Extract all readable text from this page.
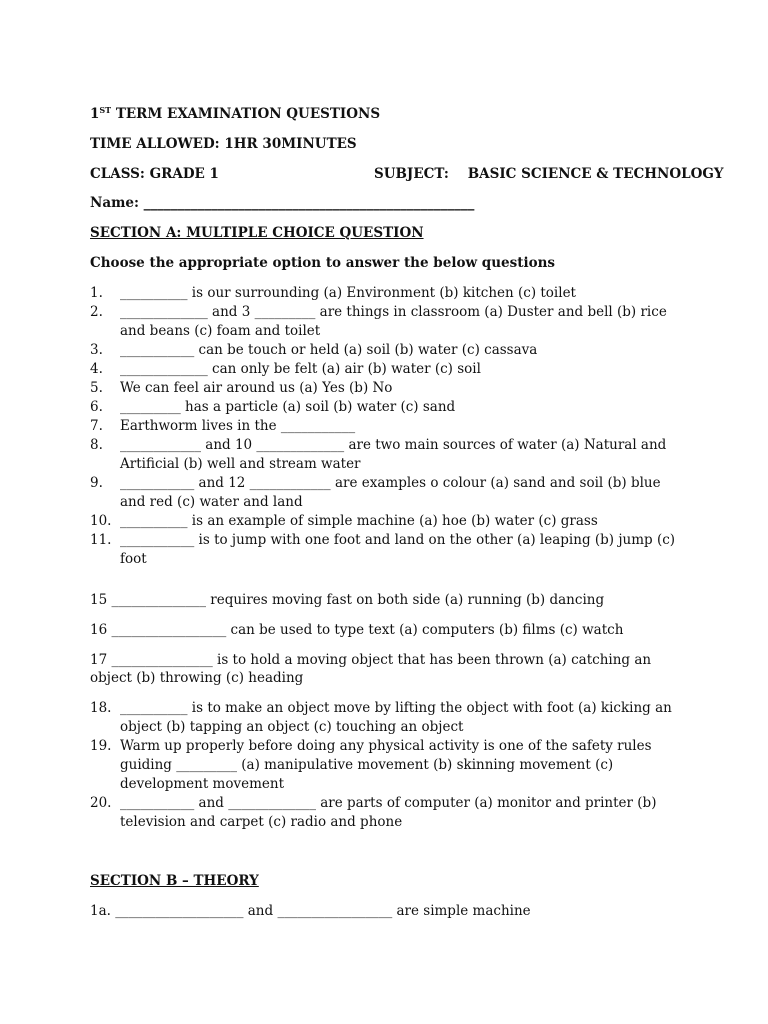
1ST TERM EXAMINATION QUESTIONS
TIME ALLOWED: 1HR 30MINUTES
CLASS: GRADE 1	SUBJECT:    BASIC SCIENCE & TECHNOLOGY
Name: _________________________________________________
SECTION A: MULTIPLE CHOICE QUESTION
Choose the appropriate option to answer the below questions
1. __________ is our surrounding (a) Environment (b) kitchen (c) toilet
2. _____________ and 3 _________ are things in classroom (a) Duster and bell (b) rice and beans (c) foam and toilet
3. ___________ can be touch or held (a) soil (b) water (c) cassava
4. _____________ can only be felt (a) air (b) water (c) soil
5. We can feel air around us (a) Yes (b) No
6. _________ has a particle (a) soil (b) water (c) sand
7. Earthworm lives in the ___________
8. ____________ and 10 _____________ are two main sources of water (a) Natural and Artificial (b) well and stream water
9. ___________ and 12 ____________ are examples o colour (a) sand and soil (b) blue and red (c) water and land
10. __________ is an example of simple machine (a) hoe (b) water (c) grass
11. ___________ is to jump with one foot and land on the other (a) leaping (b) jump (c) foot

15 ______________ requires moving fast on both side (a) running (b) dancing

16 _________________ can be used to type text (a) computers (b) films (c) watch

17 _______________ is to hold a moving object that has been thrown (a) catching an object (b) throwing (c) heading

18. __________ is to make an object move by lifting the object with foot (a) kicking an object (b) tapping an object (c) touching an object
19. Warm up properly before doing any physical activity is one of the safety rules guiding _________ (a) manipulative movement (b) skinning movement (c) development movement
20. ___________ and _____________ are parts of computer (a) monitor and printer (b) television and carpet (c) radio and phone
SECTION B – THEORY

1a. ___________________ and _________________ are simple machine
